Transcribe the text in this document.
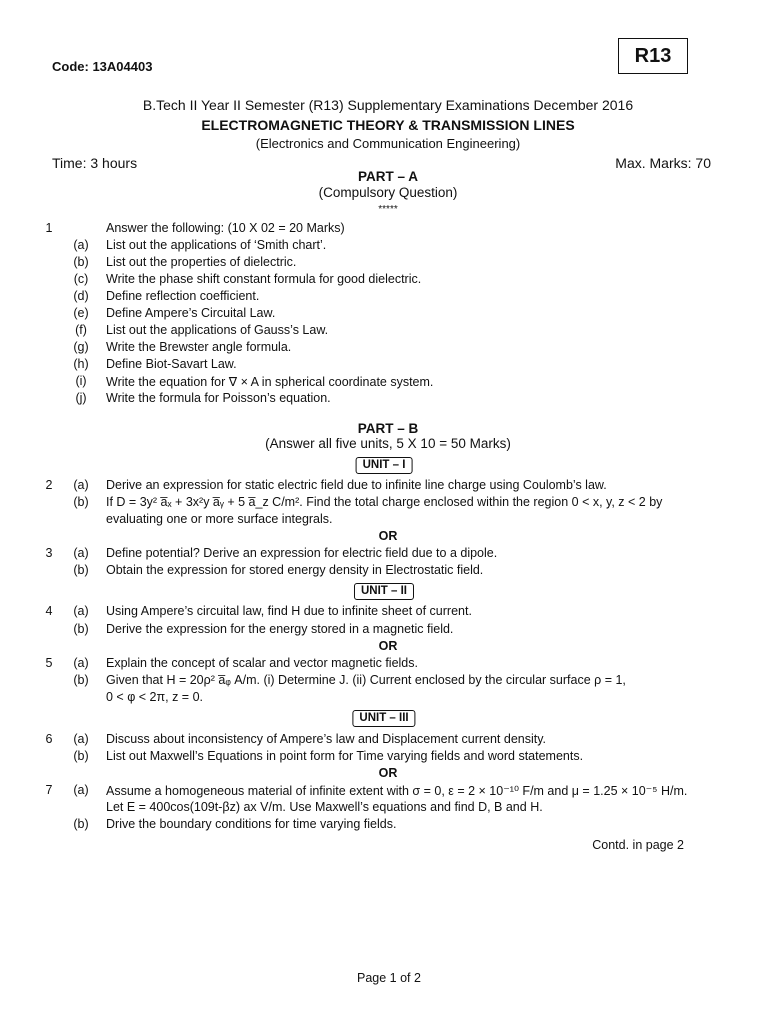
Code: 13A04403	R13
B.Tech II Year II Semester (R13) Supplementary Examinations December 2016
ELECTROMAGNETIC THEORY & TRANSMISSION LINES
(Electronics and Communication Engineering)
Time: 3 hours	Max. Marks: 70
PART – A
(Compulsory Question)
*****
1	Answer the following: (10 X 02 = 20 Marks)
(a)	List out the applications of ‘Smith chart’.
(b)	List out the properties of dielectric.
(c)	Write the phase shift constant formula for good dielectric.
(d)	Define reflection coefficient.
(e)	Define Ampere’s Circuital Law.
(f)	List out the applications of Gauss’s Law.
(g)	Write the Brewster angle formula.
(h)	Define Biot-Savart Law.
(i)	Write the equation for ∇ × A in spherical coordinate system.
(j)	Write the formula for Poisson’s equation.
PART – B
(Answer all five units, 5 X 10 = 50 Marks)
UNIT – I
2	(a)	Derive an expression for static electric field due to infinite line charge using Coulomb’s law.
(b)	If D = 3y² a̅ₓ + 3x²y a̅ᵧ + 5 a̅_z C/m². Find the total charge enclosed within the region 0 < x, y, z < 2 by
evaluating one or more surface integrals.
OR
3	(a)	Define potential? Derive an expression for electric field due to a dipole.
(b)	Obtain the expression for stored energy density in Electrostatic field.
UNIT – II
4	(a)	Using Ampere’s circuital law, find H due to infinite sheet of current.
(b)	Derive the expression for the energy stored in a magnetic field.
OR
5	(a)	Explain the concept of scalar and vector magnetic fields.
(b)	Given that H = 20ρ² a̅ᵩ A/m. (i) Determine J. (ii) Current enclosed by the circular surface ρ = 1,
0 < φ < 2π, z = 0.
UNIT – III
6	(a)	Discuss about inconsistency of Ampere’s law and Displacement current density.
(b)	List out Maxwell’s Equations in point form for Time varying fields and word statements.
OR
7	(a)	Assume a homogeneous material of infinite extent with σ = 0, ε = 2 × 10⁻¹⁰ F/m and μ = 1.25 × 10⁻⁵ H/m.
Let E = 400cos(109t-βz) ax V/m. Use Maxwell’s equations and find D, B and H.
(b)	Drive the boundary conditions for time varying fields.
Contd. in page 2
Page 1 of 2
